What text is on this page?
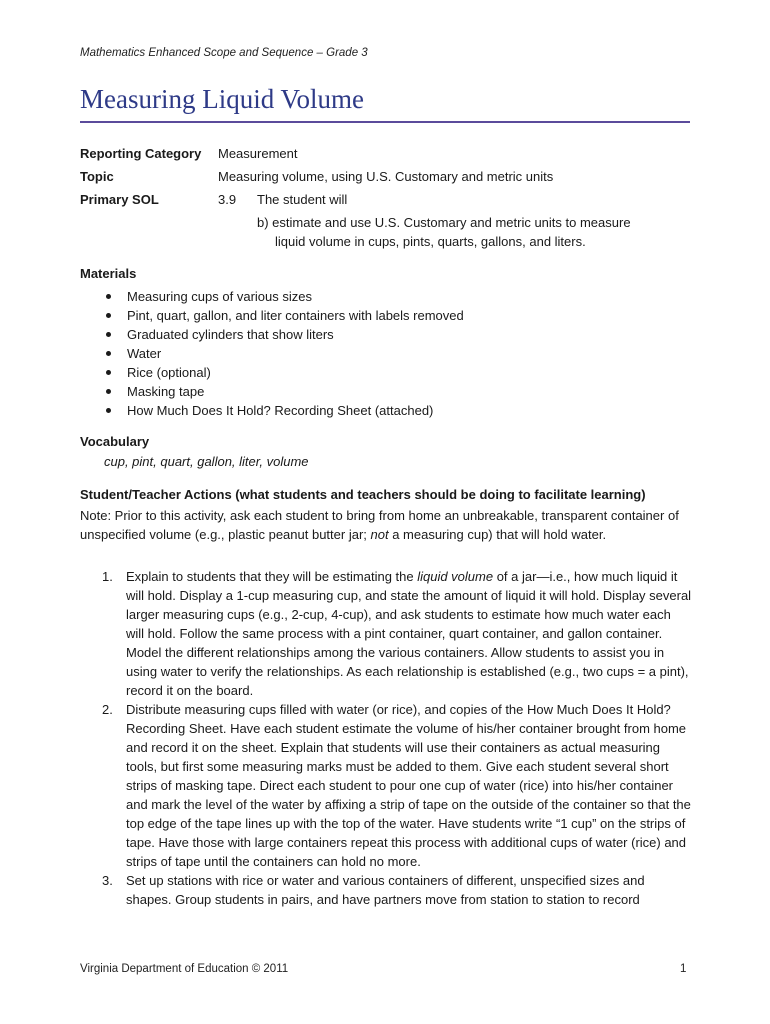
Mathematics Enhanced Scope and Sequence – Grade 3
Measuring Liquid Volume
Reporting Category	Measurement
Topic	Measuring volume, using U.S. Customary and metric units
Primary SOL	3.9 The student will
b) estimate and use U.S. Customary and metric units to measure
liquid volume in cups, pints, quarts, gallons, and liters.
Materials
Measuring cups of various sizes
Pint, quart, gallon, and liter containers with labels removed
Graduated cylinders that show liters
Water
Rice (optional)
Masking tape
How Much Does It Hold? Recording Sheet (attached)
Vocabulary
cup, pint, quart, gallon, liter, volume
Student/Teacher Actions (what students and teachers should be doing to facilitate learning)
Note: Prior to this activity, ask each student to bring from home an unbreakable, transparent container of unspecified volume (e.g., plastic peanut butter jar; not a measuring cup) that will hold water.
1. Explain to students that they will be estimating the liquid volume of a jar—i.e., how much liquid it will hold. Display a 1-cup measuring cup, and state the amount of liquid it will hold. Display several larger measuring cups (e.g., 2-cup, 4-cup), and ask students to estimate how much water each will hold. Follow the same process with a pint container, quart container, and gallon container. Model the different relationships among the various containers. Allow students to assist you in using water to verify the relationships. As each relationship is established (e.g., two cups = a pint), record it on the board.
2. Distribute measuring cups filled with water (or rice), and copies of the How Much Does It Hold? Recording Sheet. Have each student estimate the volume of his/her container brought from home and record it on the sheet. Explain that students will use their containers as actual measuring tools, but first some measuring marks must be added to them. Give each student several short strips of masking tape. Direct each student to pour one cup of water (rice) into his/her container and mark the level of the water by affixing a strip of tape on the outside of the container so that the top edge of the tape lines up with the top of the water. Have students write “1 cup” on the strips of tape. Have those with large containers repeat this process with additional cups of water (rice) and strips of tape until the containers can hold no more.
3. Set up stations with rice or water and various containers of different, unspecified sizes and shapes. Group students in pairs, and have partners move from station to station to record
Virginia Department of Education © 2011	1
